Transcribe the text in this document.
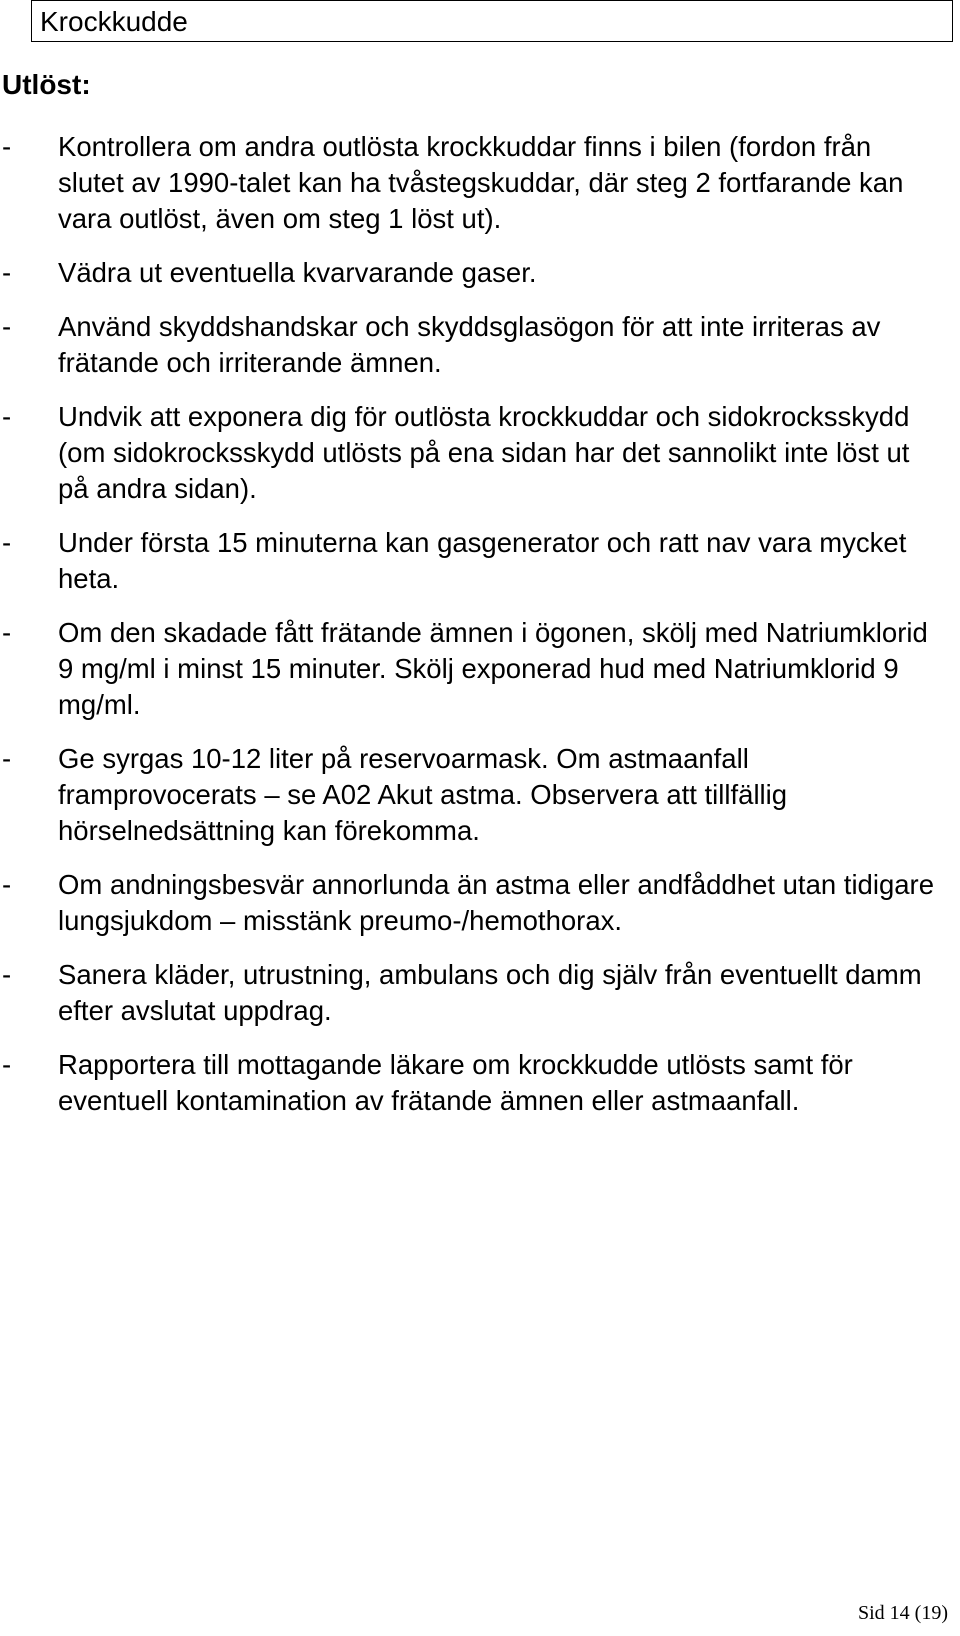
Krockkudde
Utlöst:
- Kontrollera om andra outlösta krockkuddar finns i bilen (fordon från slutet av 1990-talet kan ha tvåstegskuddar, där steg 2 fortfarande kan vara outlöst, även om steg 1 löst ut).
- Vädra ut eventuella kvarvarande gaser.
- Använd skyddshandskar och skyddsglasögon för att inte irriteras av frätande och irriterande ämnen.
- Undvik att exponera dig för outlösta krockkuddar och sidokrocksskydd (om sidokrocksskydd utlösts på ena sidan har det sannolikt inte löst ut på andra sidan).
- Under första 15 minuterna kan gasgenerator och ratt nav vara mycket heta.
- Om den skadade fått frätande ämnen i ögonen, skölj med Natriumklorid 9 mg/ml i minst 15 minuter. Skölj exponerad hud med Natriumklorid 9 mg/ml.
- Ge syrgas 10-12 liter på reservoarmask. Om astmaanfall framprovocerats – se A02 Akut astma. Observera att tillfällig hörselnedsättning kan förekomma.
- Om andningsbesvär annorlunda än astma eller andfåddhet utan tidigare lungsjukdom – misstänk preumo-/hemothorax.
- Sanera kläder, utrustning, ambulans och dig själv från eventuellt damm efter avslutat uppdrag.
- Rapportera till mottagande läkare om krockkudde utlösts samt för eventuell kontamination av frätande ämnen eller astmaanfall.
Sid 14 (19)
